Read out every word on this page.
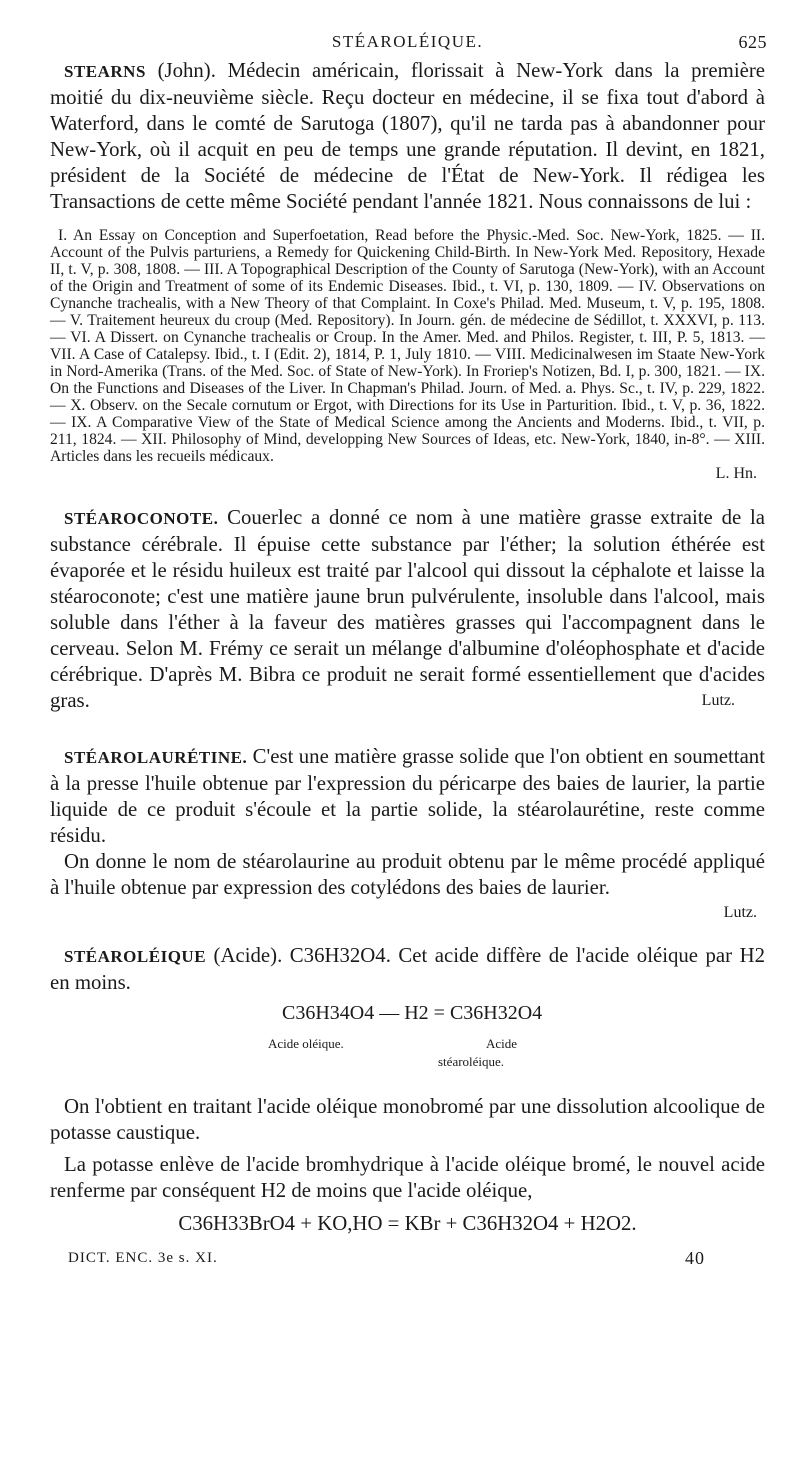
STÉAROLÉIQUE.	625

STEARNS (John). Médecin américain, florissait à New-York dans la première moitié du dix-neuvième siècle. Reçu docteur en médecine, il se fixa tout d'abord à Waterford, dans le comté de Sarutoga (1807), qu'il ne tarda pas à abandonner pour New-York, où il acquit en peu de temps une grande réputation. Il devint, en 1821, président de la Société de médecine de l'État de New-York. Il rédigea les Transactions de cette même Société pendant l'année 1821. Nous connaissons de lui :

I. An Essay on Conception and Superfoetation, Read before the Physic.-Med. Soc. New-York, 1825. — II. Account of the Pulvis parturiens, a Remedy for Quickening Child-Birth. In New-York Med. Repository, Hexade II, t. V, p. 308, 1808. — III. A Topographical Description of the County of Sarutoga (New-York), with an Account of the Origin and Treatment of some of its Endemic Diseases. Ibid., t. VI, p. 130, 1809. — IV. Observations on Cynanche trachealis, with a New Theory of that Complaint. In Coxe's Philad. Med. Museum, t. V, p. 195, 1808. — V. Traitement heureux du croup (Med. Repository). In Journ. gén. de médecine de Sédillot, t. XXXVI, p. 113. — VI. A Dissert. on Cynanche trachealis or Croup. In the Amer. Med. and Philos. Register, t. III, P. 5, 1813. — VII. A Case of Catalepsy. Ibid., t. I (Edit. 2), 1814, P. 1, July 1810. — VIII. Medicinalwesen im Staate New-York in Nord-Amerika (Trans. of the Med. Soc. of State of New-York). In Froriep's Notizen, Bd. I, p. 300, 1821. — IX. On the Functions and Diseases of the Liver. In Chapman's Philad. Journ. of Med. a. Phys. Sc., t. IV, p. 229, 1822. — X. Observ. on the Secale cornutum or Ergot, with Directions for its Use in Parturition. Ibid., t. V, p. 36, 1822. — IX. A Comparative View of the State of Medical Science among the Ancients and Moderns. Ibid., t. VII, p. 211, 1824. — XII. Philosophy of Mind, developping New Sources of Ideas, etc. New-York, 1840, in-8°. — XIII. Articles dans les recueils médicaux.

L. Hn.

STÉAROCONOTE. Couerlec a donné ce nom à une matière grasse extraite de la substance cérébrale. Il épuise cette substance par l'éther; la solution éthérée est évaporée et le résidu huileux est traité par l'alcool qui dissout la céphalote et laisse la stéaroconote; c'est une matière jaune brun pulvérulente, insoluble dans l'alcool, mais soluble dans l'éther à la faveur des matières grasses qui l'accompagnent dans le cerveau. Selon M. Frémy ce serait un mélange d'albumine d'oléophosphate et d'acide cérébrique. D'après M. Bibra ce produit ne serait formé essentiellement que d'acides gras.	Lutz.

STÉAROLAURÉTINE. C'est une matière grasse solide que l'on obtient en soumettant à la presse l'huile obtenue par l'expression du péricarpe des baies de laurier, la partie liquide de ce produit s'écoule et la partie solide, la stéarolaurétine, reste comme résidu.

On donne le nom de stéarolaurine au produit obtenu par le même procédé appliqué à l'huile obtenue par expression des cotylédons des baies de laurier.

Lutz.

STÉAROLÉIQUE (Acide). C36H32O4. Cet acide diffère de l'acide oléique par H2 en moins.

C36H34O4 — H2 = C36H32O4
Acide oléique.	Acide
stéaroléique.

On l'obtient en traitant l'acide oléique monobromé par une dissolution alcoolique de potasse caustique.

La potasse enlève de l'acide bromhydrique à l'acide oléique bromé, le nouvel acide renferme par conséquent H2 de moins que l'acide oléique,

C36H33BrO4 + KO,HO = KBr + C36H32O4 + H2O2.

DICT. ENC. 3e s. XI.	40
